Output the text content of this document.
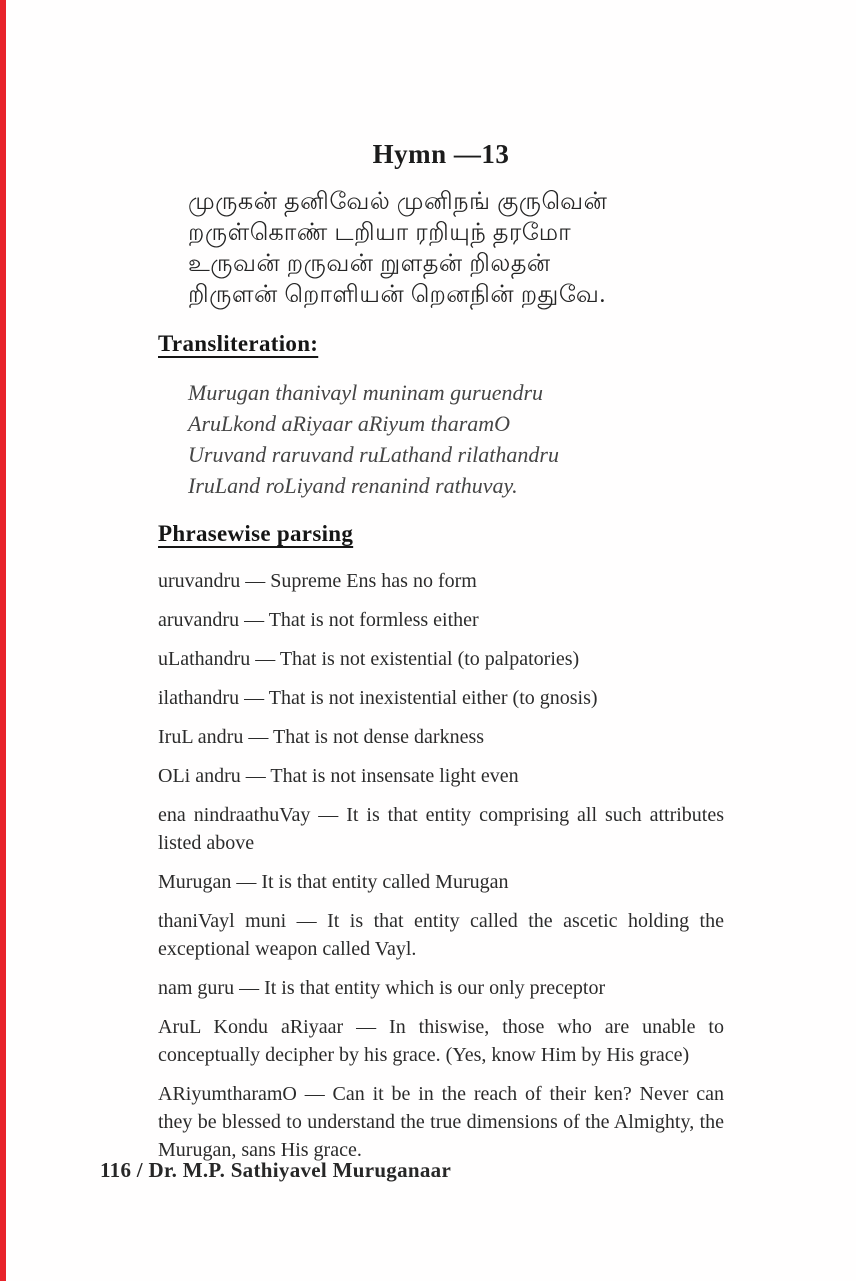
Hymn —13
முருகன் தனிவேல் முனிநங் குருவென்
றருள்கொண் டறியா ரறியுந் தரமோ
உருவன் றருவன் றுளதன் றிலதன்
றிருளன் றொளியன் றெனநின் றதுவே.
Transliteration:
Murugan thanivayl muninam guruendru
AruLkond aRiyaar aRiyum tharamO
Uruvand raruvand ruLathand rilathandru
IruLand roLiyand renanind rathuvay.
Phrasewise parsing

uruvandru — Supreme Ens has no form

aruvandru — That is not formless either

uLathandru — That is not existential (to palpatories)

ilathandru — That is not inexistential either (to gnosis)

IruL andru — That is not dense darkness

OLi andru — That is not insensate light even

ena nindraathuVay — It is that entity comprising all such attributes listed above

Murugan — It is that entity called Murugan

thaniVayl muni — It is that entity called the ascetic holding the exceptional weapon called Vayl.

nam guru — It is that entity which is our only preceptor

AruL Kondu aRiyaar — In thiswise, those who are unable to conceptually decipher by his grace. (Yes, know Him by His grace)

ARiyumtharamO — Can it be in the reach of their ken? Never can they be blessed to understand the true dimensions of the Almighty, the Murugan, sans His grace.

116 / Dr. M.P. Sathiyavel Muruganaar
